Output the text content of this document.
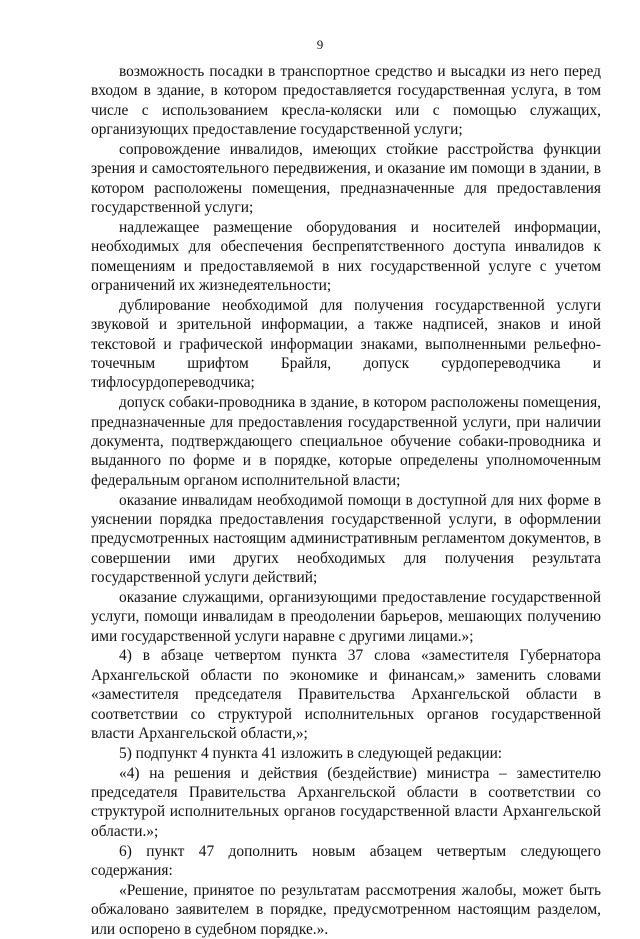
9

возможность посадки в транспортное средство и высадки из него перед входом в здание, в котором предоставляется государственная услуга, в том числе с использованием кресла-коляски или с помощью служащих, организующих предоставление государственной услуги;

сопровождение инвалидов, имеющих стойкие расстройства функции зрения и самостоятельного передвижения, и оказание им помощи в здании, в котором расположены помещения, предназначенные для предоставления государственной услуги;

надлежащее размещение оборудования и носителей информации, необходимых для обеспечения беспрепятственного доступа инвалидов к помещениям и предоставляемой в них государственной услуге с учетом ограничений их жизнедеятельности;

дублирование необходимой для получения государственной услуги звуковой и зрительной информации, а также надписей, знаков и иной текстовой и графической информации знаками, выполненными рельефно-точечным шрифтом Брайля, допуск сурдопереводчика и тифлосурдопереводчика;

допуск собаки-проводника в здание, в котором расположены помещения, предназначенные для предоставления государственной услуги, при наличии документа, подтверждающего специальное обучение собаки-проводника и выданного по форме и в порядке, которые определены уполномоченным федеральным органом исполнительной власти;

оказание инвалидам необходимой помощи в доступной для них форме в уяснении порядка предоставления государственной услуги, в оформлении предусмотренных настоящим административным регламентом документов, в совершении ими других необходимых для получения результата государственной услуги действий;

оказание служащими, организующими предоставление государственной услуги, помощи инвалидам в преодолении барьеров, мешающих получению ими государственной услуги наравне с другими лицами.»;

4) в абзаце четвертом пункта 37 слова «заместителя Губернатора Архангельской области по экономике и финансам,» заменить словами «заместителя председателя Правительства Архангельской области в соответствии со структурой исполнительных органов государственной власти Архангельской области,»;

5) подпункт 4 пункта 41 изложить в следующей редакции:

«4) на решения и действия (бездействие) министра – заместителю председателя Правительства Архангельской области в соответствии со структурой исполнительных органов государственной власти Архангельской области.»;

6) пункт 47 дополнить новым абзацем четвертым следующего содержания:

«Решение, принятое по результатам рассмотрения жалобы, может быть обжаловано заявителем в порядке, предусмотренном настоящим разделом, или оспорено в судебном порядке.».
